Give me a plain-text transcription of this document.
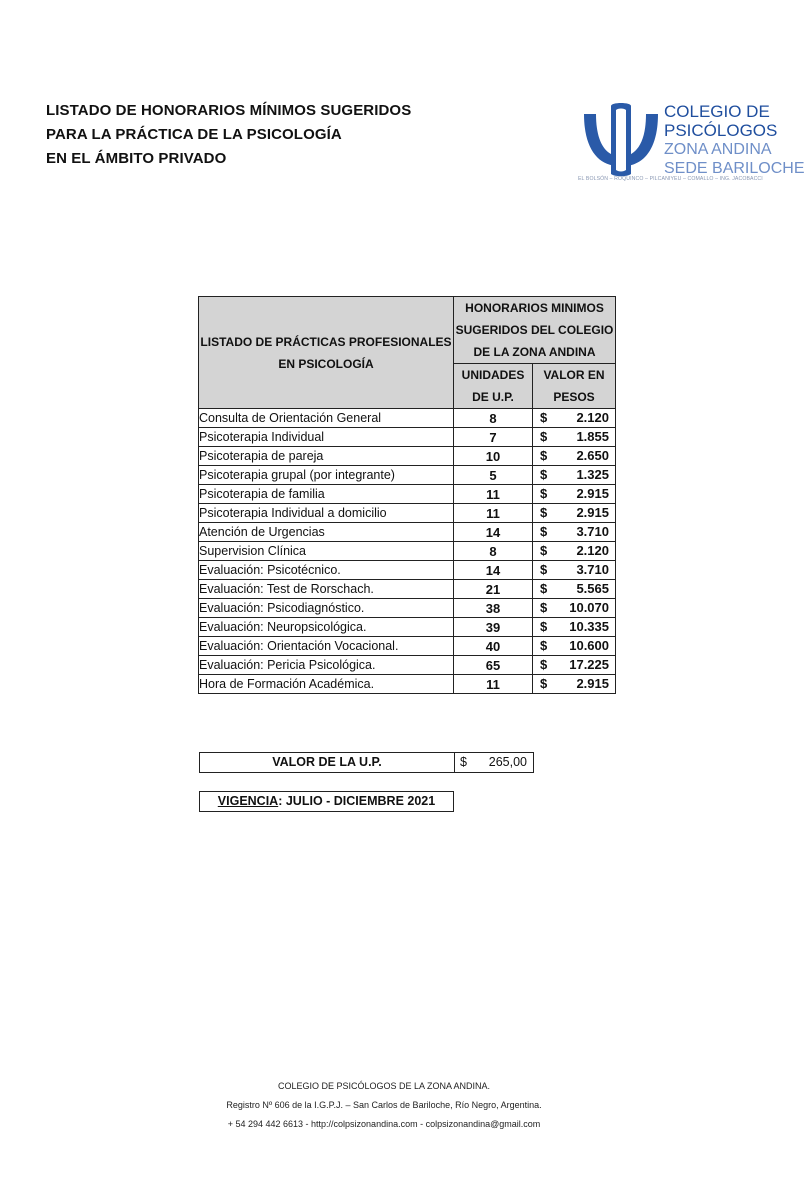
LISTADO DE HONORARIOS MÍNIMOS SUGERIDOS
PARA LA PRÁCTICA DE LA PSICOLOGÍA
EN EL ÁMBITO PRIVADO
COLEGIO DE
PSICÓLOGOS
ZONA ANDINA
SEDE BARILOCHE
EL BOLSÓN – ROQUINCO – PILCANIYEU – COMALLO – ING. JACOBACCI
LISTADO DE PRÁCTICAS PROFESIONALES EN PSICOLOGÍA	HONORARIOS MINIMOS SUGERIDOS DEL COLEGIO DE LA ZONA ANDINA	
	UNIDADES DE U.P.	VALOR EN PESOS
Consulta de Orientación General	8	$ 2.120

Psicoterapia Individual	7	$ 1.855

Psicoterapia de pareja	10	$ 2.650

Psicoterapia grupal (por integrante)	5	$ 1.325

Psicoterapia de familia	11	$ 2.915

Psicoterapia Individual a domicilio	11	$ 2.915

Atención de Urgencias	14	$ 3.710

Supervision Clínica	8	$ 2.120

Evaluación: Psicotécnico.	14	$ 3.710

Evaluación: Test de Rorschach.	21	$ 5.565

Evaluación: Psicodiagnóstico.	38	$ 10.070

Evaluación: Neuropsicológica.	39	$ 10.335

Evaluación: Orientación Vocacional.	40	$ 10.600

Evaluación: Pericia Psicológica.	65	$ 17.225

Hora de Formación Académica.	11	$ 2.915
VALOR DE LA U.P.	$ 265,00
VIGENCIA: JULIO - DICIEMBRE 2021
COLEGIO DE PSICÓLOGOS DE LA ZONA ANDINA.
Registro Nº 606 de la I.G.P.J. – San Carlos de Bariloche, Río Negro, Argentina.
+ 54 294 442 6613 - http://colpsizonandina.com - colpsizonandina@gmail.com
